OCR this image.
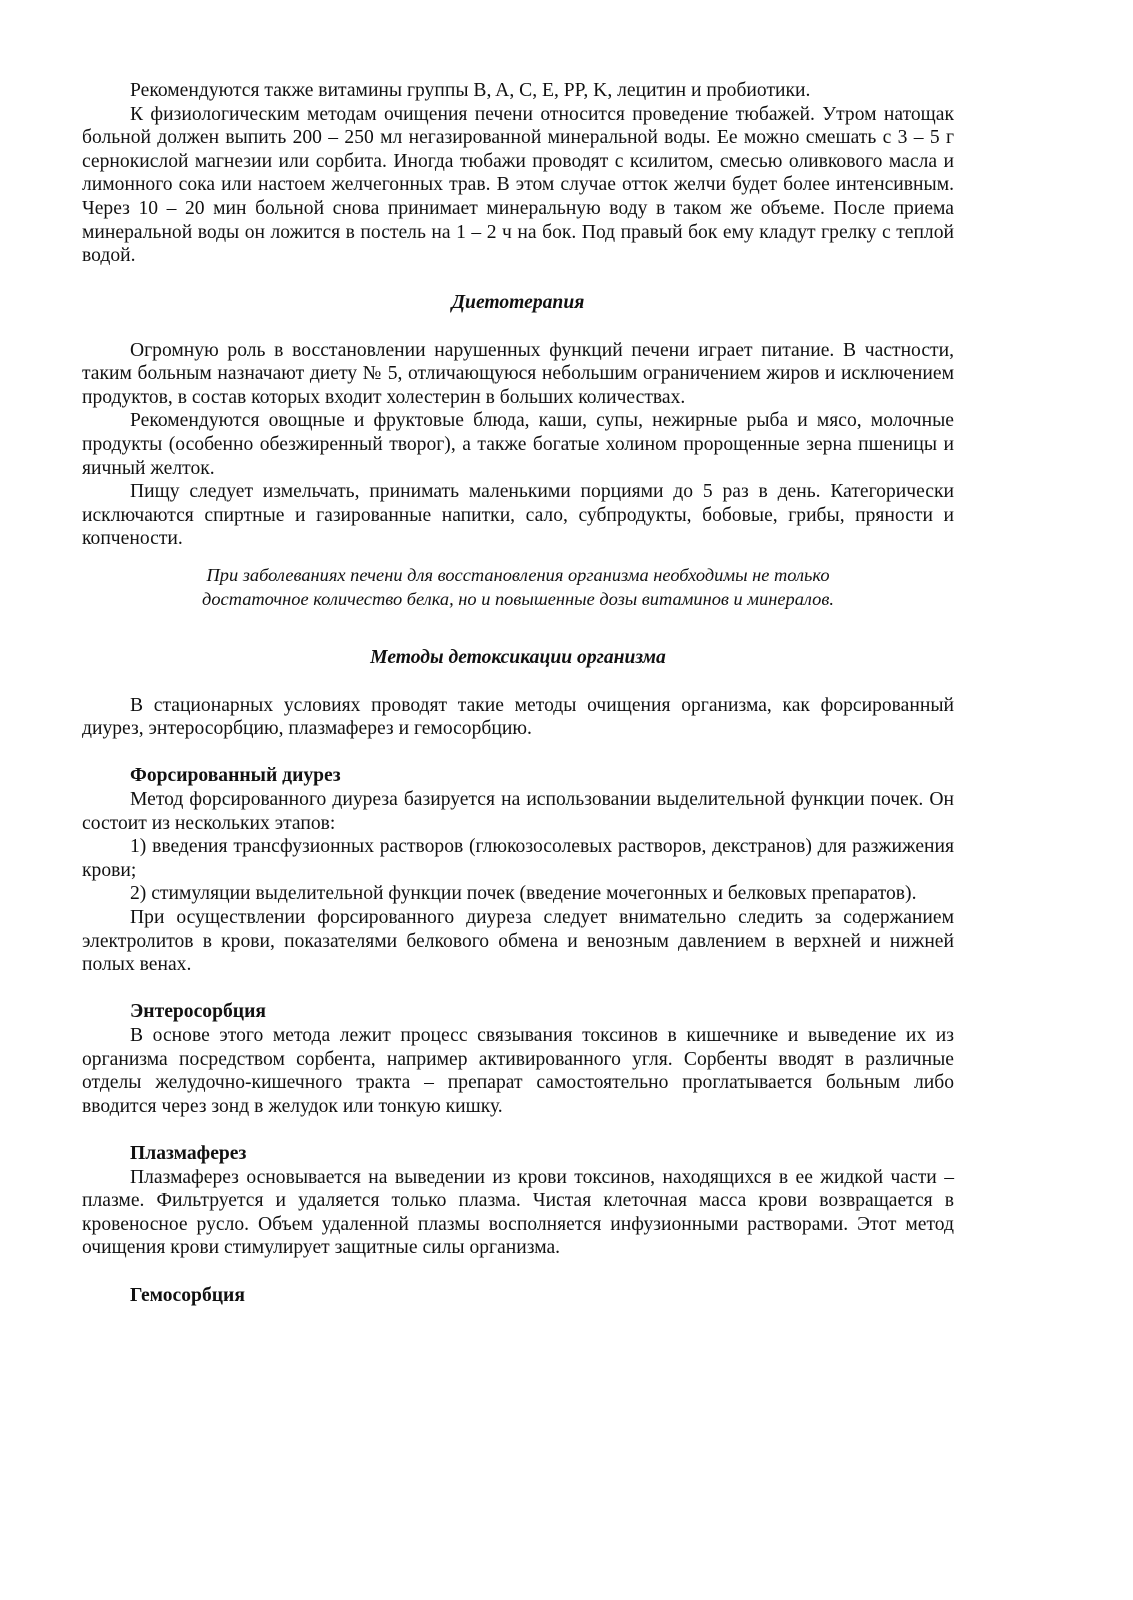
Рекомендуются также витамины группы B, A, C, E, PP, K, лецитин и пробиотики.

К физиологическим методам очищения печени относится проведение тюбажей. Утром натощак больной должен выпить 200 – 250 мл негазированной минеральной воды. Ее можно смешать с 3 – 5 г сернокислой магнезии или сорбита. Иногда тюбажи проводят с ксилитом, смесью оливкового масла и лимонного сока или настоем желчегонных трав. В этом случае отток желчи будет более интенсивным. Через 10 – 20 мин больной снова принимает минеральную воду в таком же объеме. После приема минеральной воды он ложится в постель на 1 – 2 ч на бок. Под правый бок ему кладут грелку с теплой водой.

Диетотерапия

Огромную роль в восстановлении нарушенных функций печени играет питание. В частности, таким больным назначают диету № 5, отличающуюся небольшим ограничением жиров и исключением продуктов, в состав которых входит холестерин в больших количествах.

Рекомендуются овощные и фруктовые блюда, каши, супы, нежирные рыба и мясо, молочные продукты (особенно обезжиренный творог), а также богатые холином пророщенные зерна пшеницы и яичный желток.

Пищу следует измельчать, принимать маленькими порциями до 5 раз в день. Категорически исключаются спиртные и газированные напитки, сало, субпродукты, бобовые, грибы, пряности и копчености.

При заболеваниях печени для восстановления организма необходимы не только
достаточное количество белка, но и повышенные дозы витаминов и минералов.
Методы детоксикации организма

В стационарных условиях проводят такие методы очищения организма, как форсированный диурез, энтеросорбцию, плазмаферез и гемосорбцию.

Форсированный диурез

Метод форсированного диуреза базируется на использовании выделительной функции почек. Он состоит из нескольких этапов:

1) введения трансфузионных растворов (глюкозосолевых растворов, декстранов) для разжижения крови;

2) стимуляции выделительной функции почек (введение мочегонных и белковых препаратов).

При осуществлении форсированного диуреза следует внимательно следить за содержанием электролитов в крови, показателями белкового обмена и венозным давлением в верхней и нижней полых венах.

Энтеросорбция

В основе этого метода лежит процесс связывания токсинов в кишечнике и выведение их из организма посредством сорбента, например активированного угля. Сорбенты вводят в различные отделы желудочно-кишечного тракта – препарат самостоятельно проглатывается больным либо вводится через зонд в желудок или тонкую кишку.

Плазмаферез

Плазмаферез основывается на выведении из крови токсинов, находящихся в ее жидкой части – плазме. Фильтруется и удаляется только плазма. Чистая клеточная масса крови возвращается в кровеносное русло. Объем удаленной плазмы восполняется инфузионными растворами. Этот метод очищения крови стимулирует защитные силы организма.

Гемосорбция
